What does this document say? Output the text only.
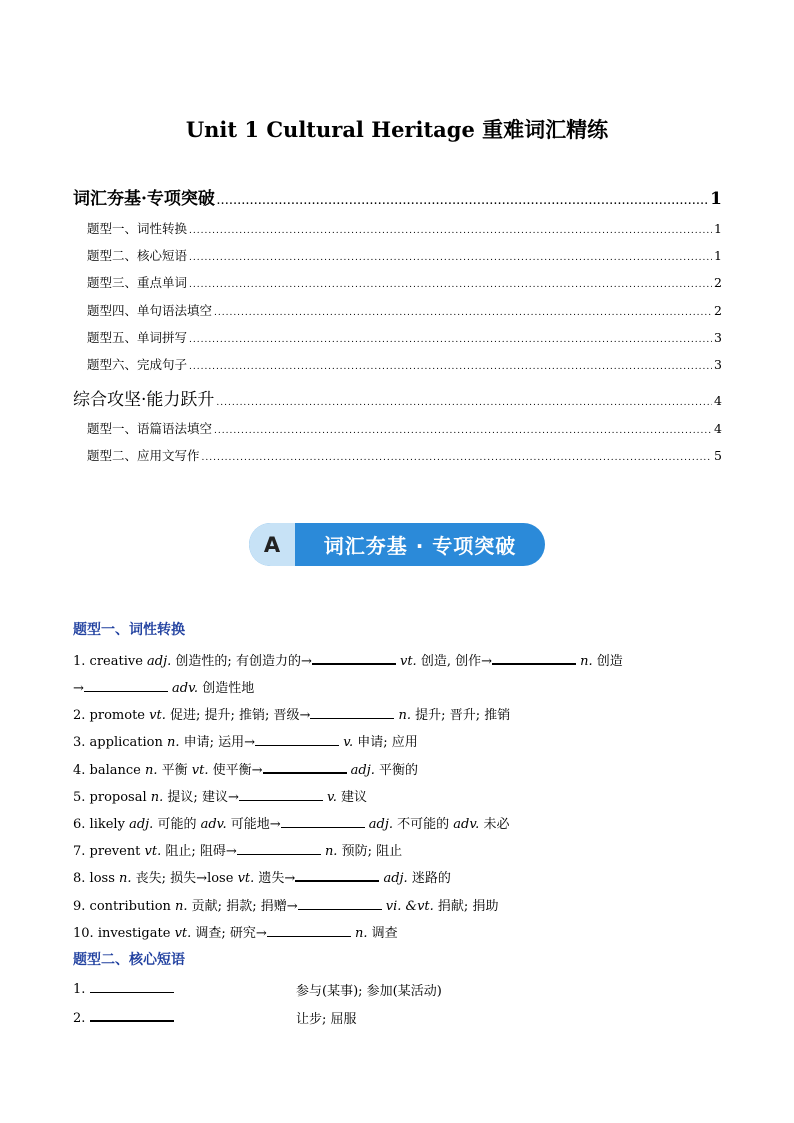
Unit 1 Cultural Heritage 重难词汇精练
词汇夯基·专项突破 .....	1
题型一、词性转换 .....	1
题型二、核心短语 .....	1
题型三、重点单词 .....	2
题型四、单句语法填空 .....	2
题型五、单词拼写 .....	3
题型六、完成句子 .....	3
综合攻坚·能力跃升 .....	4
题型一、语篇语法填空 .....	4
题型二、应用文写作 .....	5
A	词汇夯基 · 专项突破
题型一、词性转换
1. creative adj. 创造性的; 有创造力的→	vt. 创造, 创作→	n. 创造
→	adv. 创造性地
2. promote vt. 促进; 提升; 推销; 晋级→	n. 提升; 晋升; 推销
3. application n. 申请; 运用→	v. 申请; 应用
4. balance n. 平衡 vt. 使平衡→	adj. 平衡的
5. proposal n. 提议; 建议→	v. 建议
6. likely adj. 可能的 adv. 可能地→	adj. 不可能的 adv. 未必
7. prevent vt. 阻止; 阻碍→	n. 预防; 阻止
8. loss n. 丧失; 损失→lose vt. 遗失→	adj. 迷路的
9. contribution n. 贡献; 捐款; 捐赠→	vi. &vt. 捐献; 捐助
10. investigate vt. 调查; 研究→	n. 调查
题型二、核心短语
1.	参与(某事); 参加(某活动)
2.	让步; 屈服
